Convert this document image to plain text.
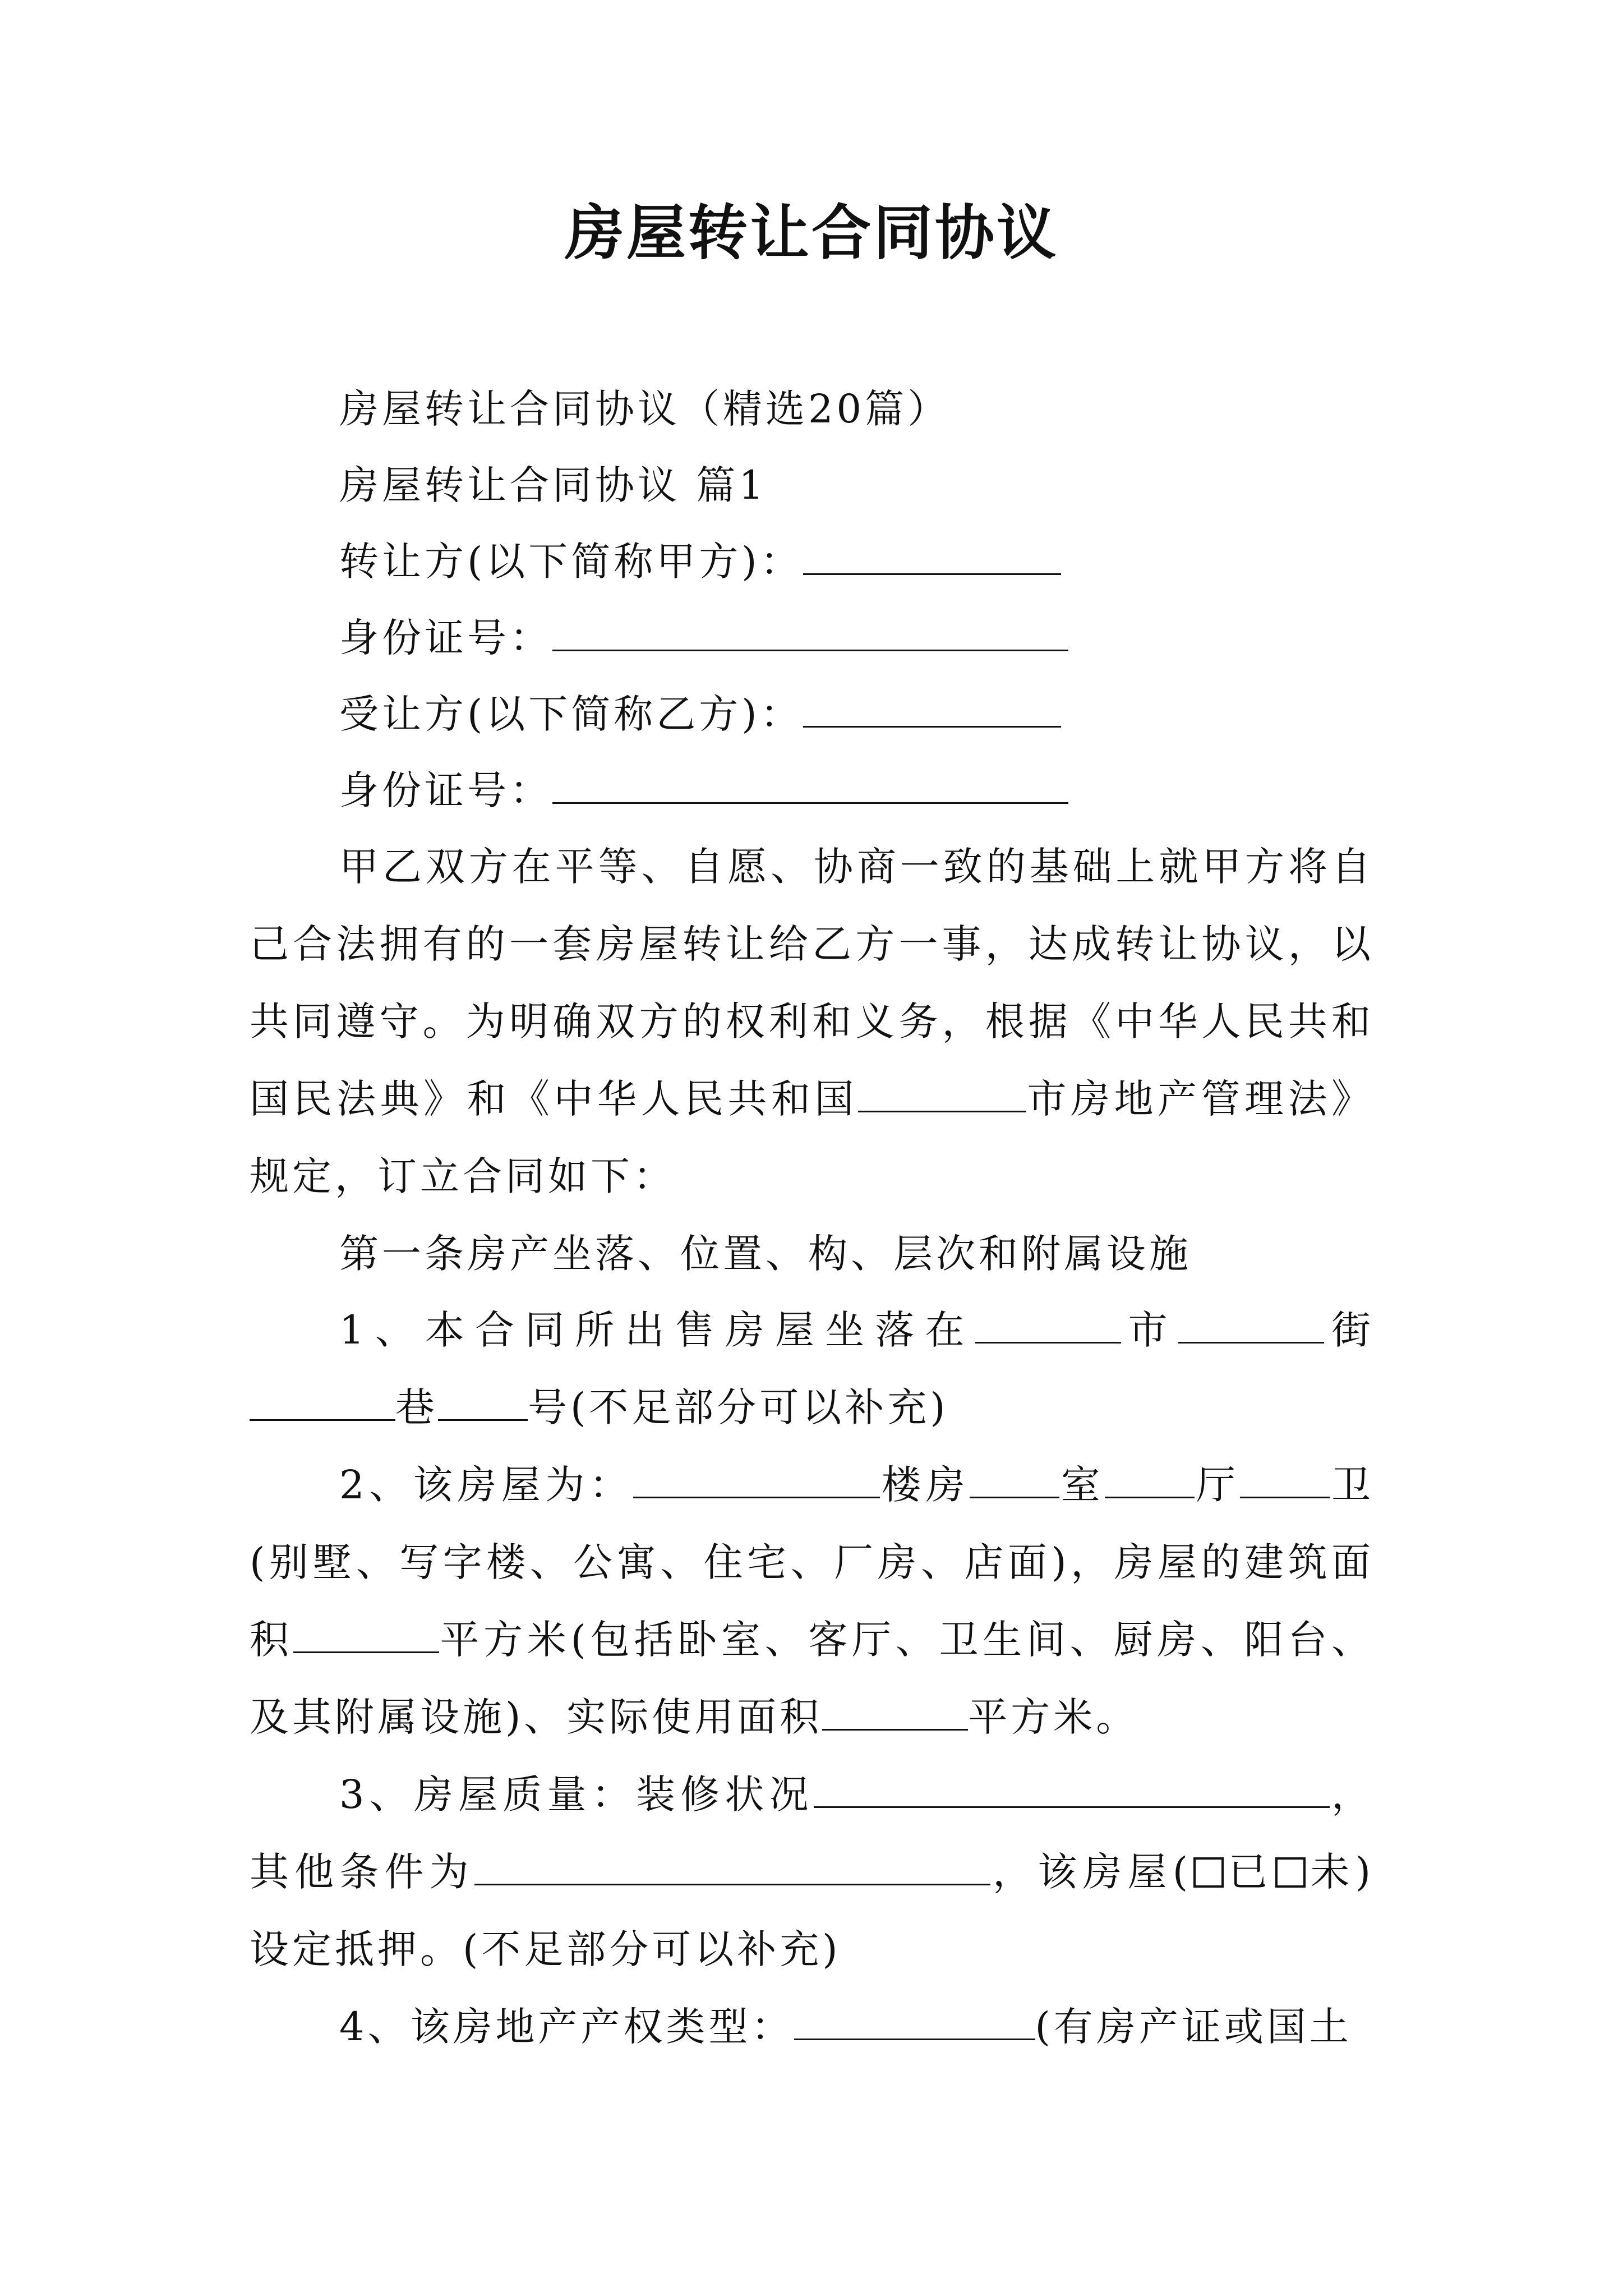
房屋转让合同协议
房屋转让合同协议（精选20篇）
房屋转让合同协议 篇1
转让方(以下简称甲方)：
身份证号：
受让方(以下简称乙方)：
身份证号：
甲乙双方在平等、自愿、协商一致的基础上就甲方将自己合法拥有的一套房屋转让给乙方一事，达成转让协议，以共同遵守。为明确双方的权利和义务，根据《中华人民共和国民法典》和《中华人民共和国	市房地产管理法》规定，订立合同如下：
第一条房产坐落、位置、构、层次和附属设施
1、本合同所出售房屋坐落在	市	街巷 号(不足部分可以补充)
2、该房屋为：	楼房 室 厅 卫(别墅、写字楼、公寓、住宅、厂房、店面)，房屋的建筑面积	平方米(包括卧室、客厅、卫生间、厨房、阳台、及其附属设施)、实际使用面积	平方米。
3、房屋质量：装修状况	，其他条件为	，该房屋( 已 未)设定抵押。(不足部分可以补充)
4、该房地产产权类型：	(有房产证或国土
